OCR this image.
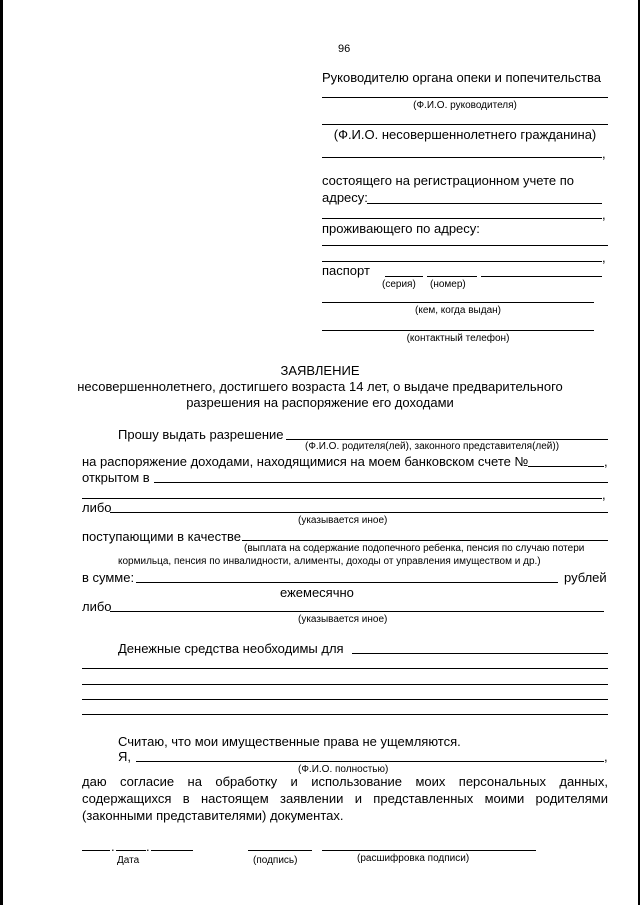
96
Руководителю органа опеки и попечительства
(Ф.И.О. руководителя)
(Ф.И.О. несовершеннолетнего гражданина)
,
состоящего на регистрационном учете по
адресу:
,
проживающего по адресу:
,
паспорт
(серия) (номер)
(кем, когда выдан)
(контактный телефон)
ЗАЯВЛЕНИЕ
несовершеннолетнего, достигшего возраста 14 лет, о выдаче предварительного
разрешения на распоряжение его доходами
Прошу выдать разрешение
(Ф.И.О. родителя(лей), законного представителя(лей))
на распоряжение доходами, находящимися на моем банковском счете №	,
открытом в
,
либо
(указывается иное)
поступающими в качестве
(выплата на содержание подопечного ребенка, пенсия по случаю потери
кормильца, пенсия по инвалидности, алименты, доходы от управления имуществом и др.)
в сумме:	рублей
ежемесячно
либо
(указывается иное)
Денежные средства необходимы для
Считаю, что мои имущественные права не ущемляются.
Я,	,
(Ф.И.О. полностью)
даю согласие на обработку и использование моих персональных данных,
содержащихся в настоящем заявлении и представленных моими родителями
(законными представителями) документах.
. .
Дата	(подпись)	(расшифровка подписи)
